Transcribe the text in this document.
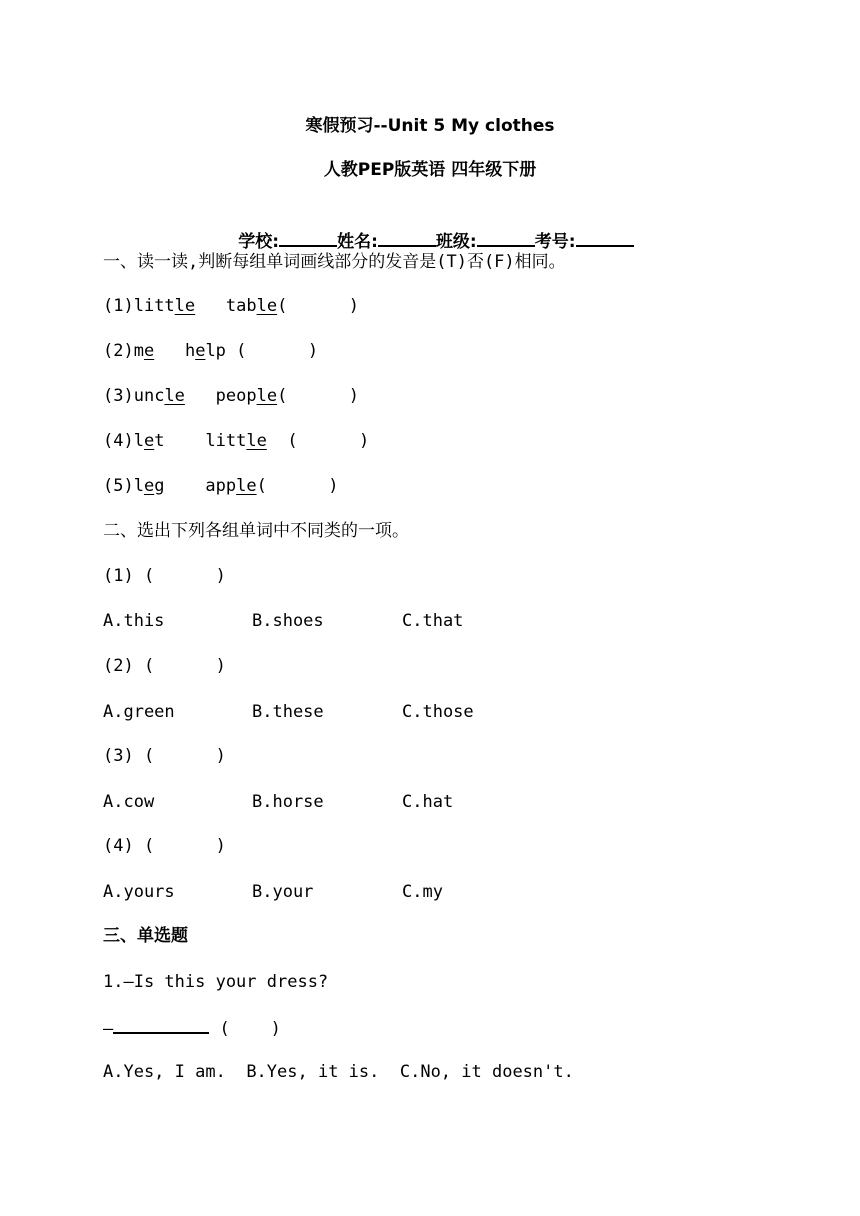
寒假预习--Unit 5 My clothes
人教PEP版英语 四年级下册

学校:	姓名:	班级:	考号:

一、读一读,判断每组单词画线部分的发音是(T)否(F)相同。
(1)little table(      )
(2)me help (      )
(3)uncle people(      )
(4)let little (      )
(5)leg apple(      )
二、选出下列各组单词中不同类的一项。
(1) (      )
A.this	B.shoes	C.that
(2) (      )
A.green	B.these	C.those
(3) (      )
A.cow	B.horse	C.hat
(4) (      )
A.yours	B.your	C.my
三、单选题
1.—Is this your dress?
—	(    )
A.Yes, I am. B.Yes, it is. C.No, it doesn't.
